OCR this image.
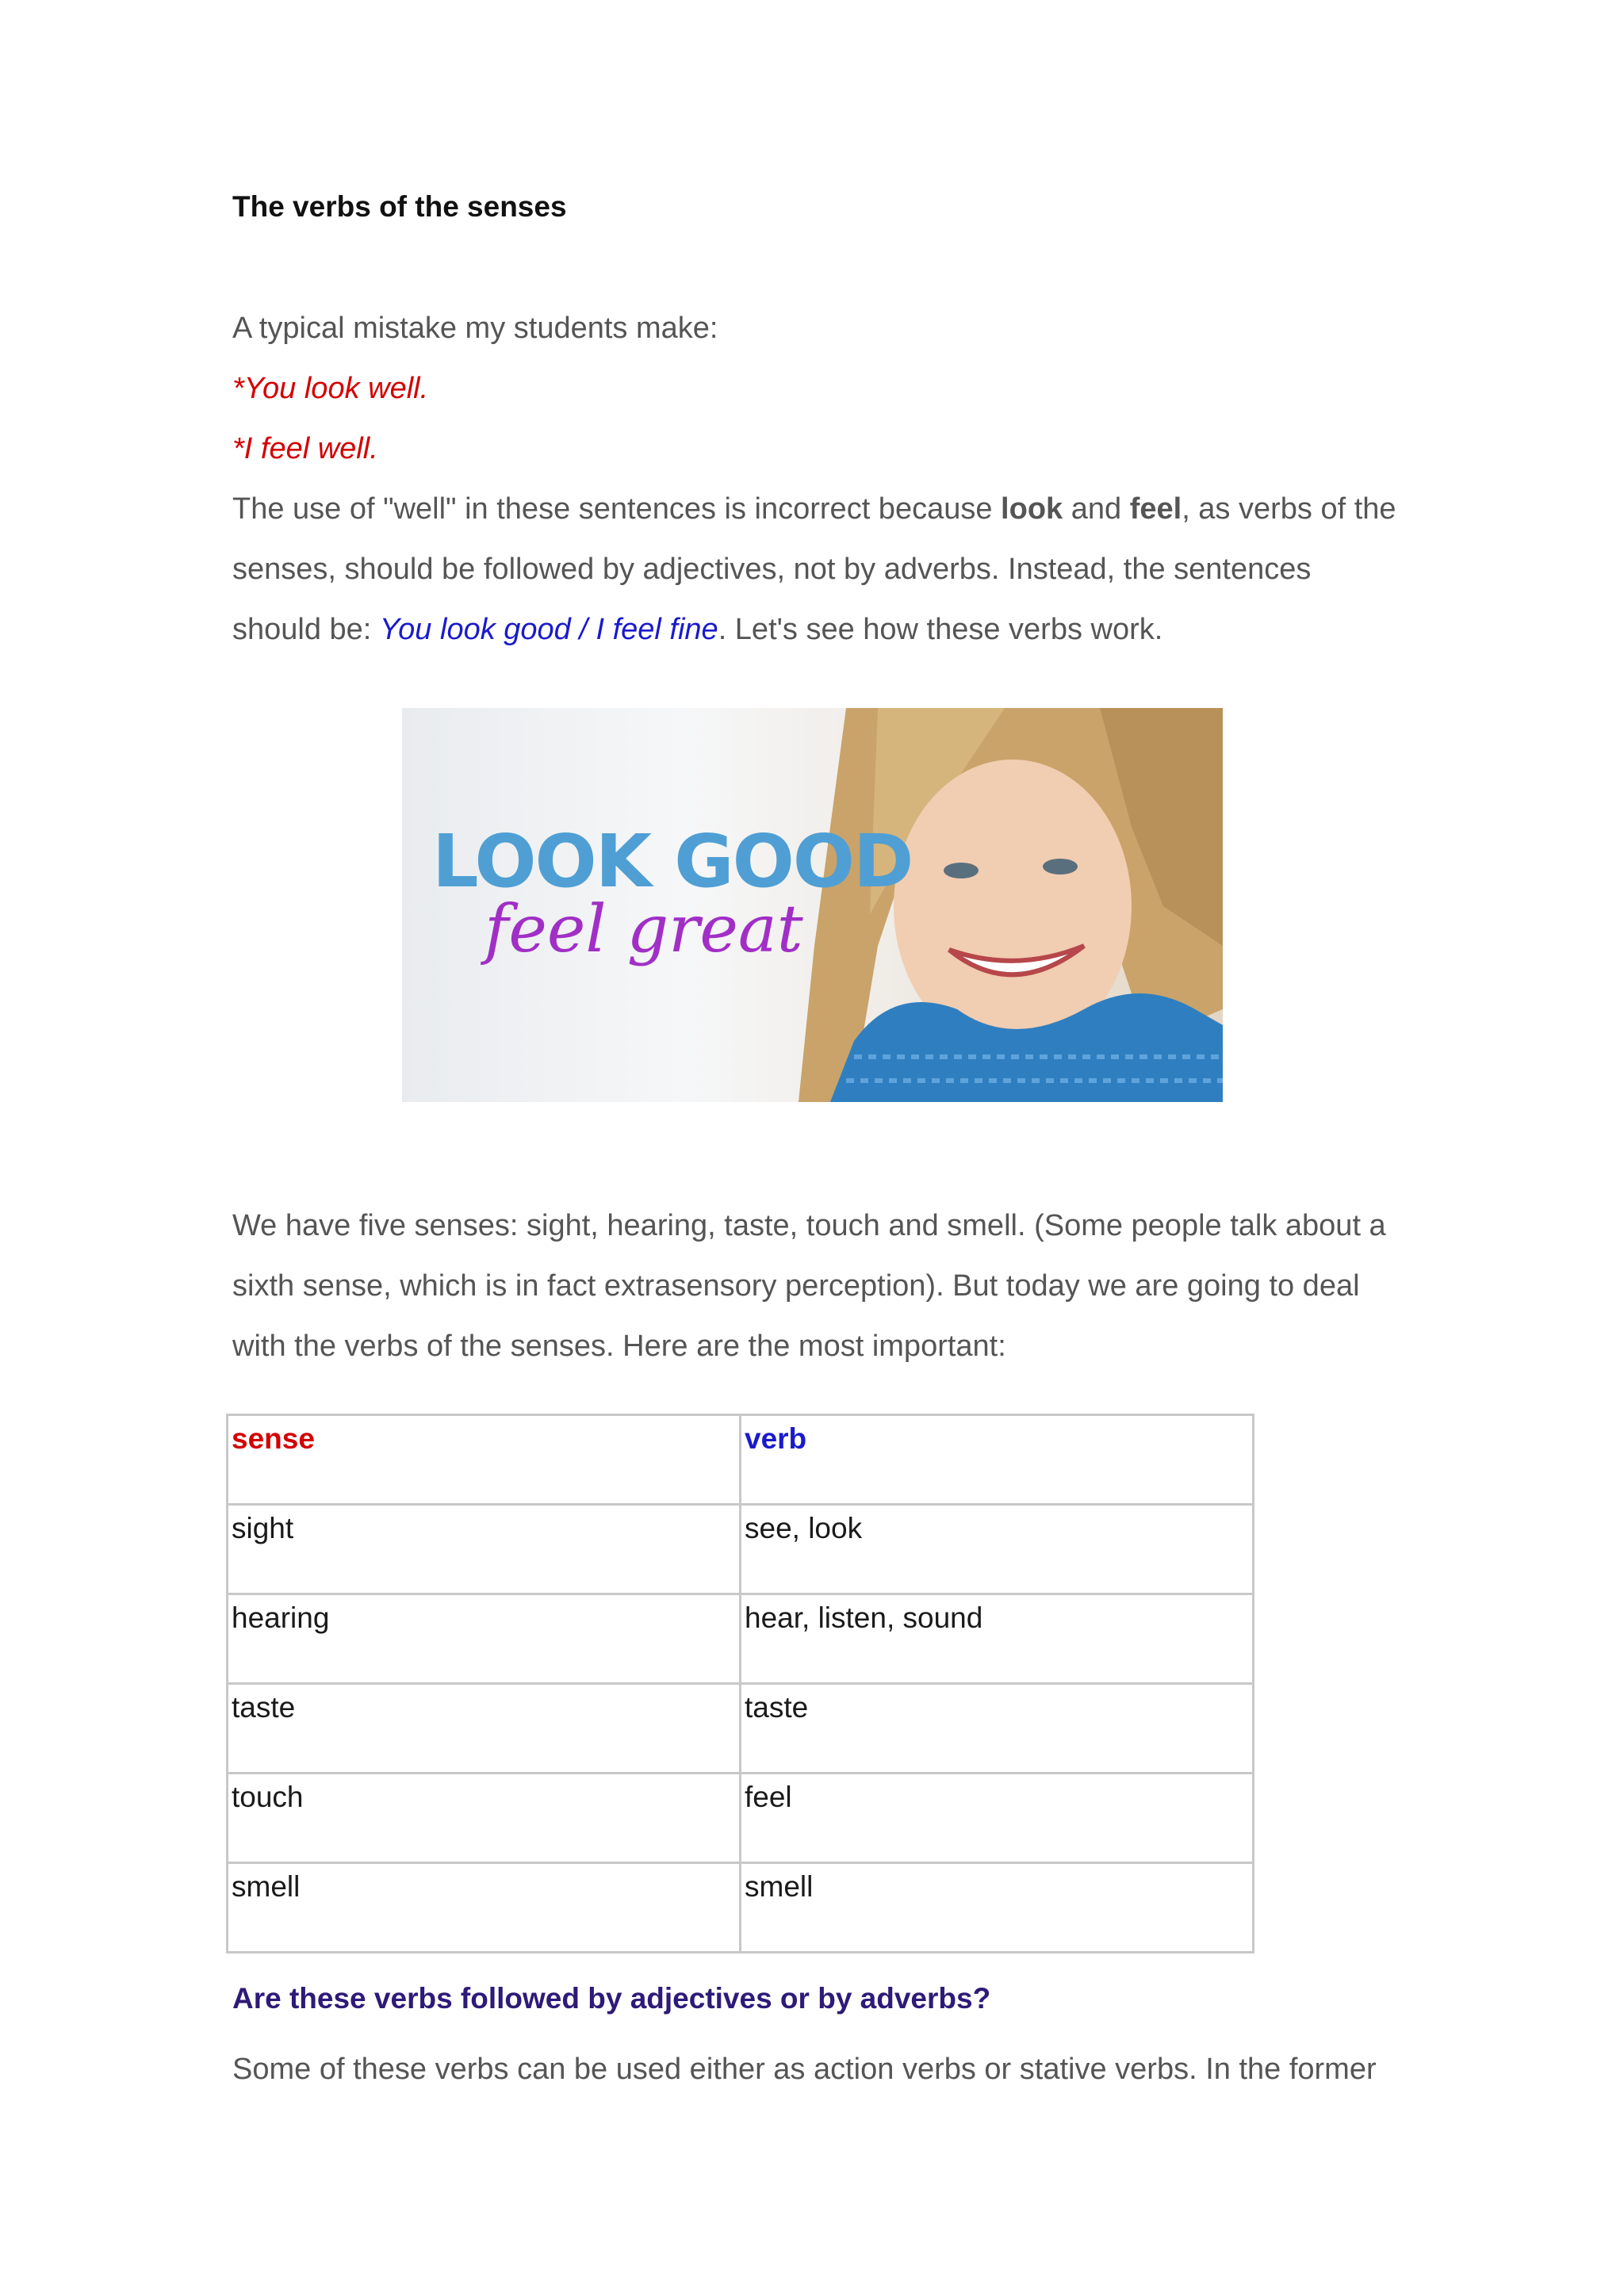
The verbs of the senses
A typical mistake my students make:
*You look well.
*I feel well.
The use of "well" in these sentences is incorrect because look and feel, as verbs of the
senses, should be followed by adjectives, not by adverbs. Instead, the sentences
should be: You look good / I feel fine. Let's see how these verbs work.
LOOK GOOD
feel great
We have five senses: sight, hearing, taste, touch and smell. (Some people talk about a
sixth sense, which is in fact extrasensory perception). But today we are going to deal
with the verbs of the senses. Here are the most important:
sense	verb
sight	see, look
hearing	hear, listen, sound
taste	taste
touch	feel
smell	smell
Are these verbs followed by adjectives or by adverbs?
Some of these verbs can be used either as action verbs or stative verbs. In the former
